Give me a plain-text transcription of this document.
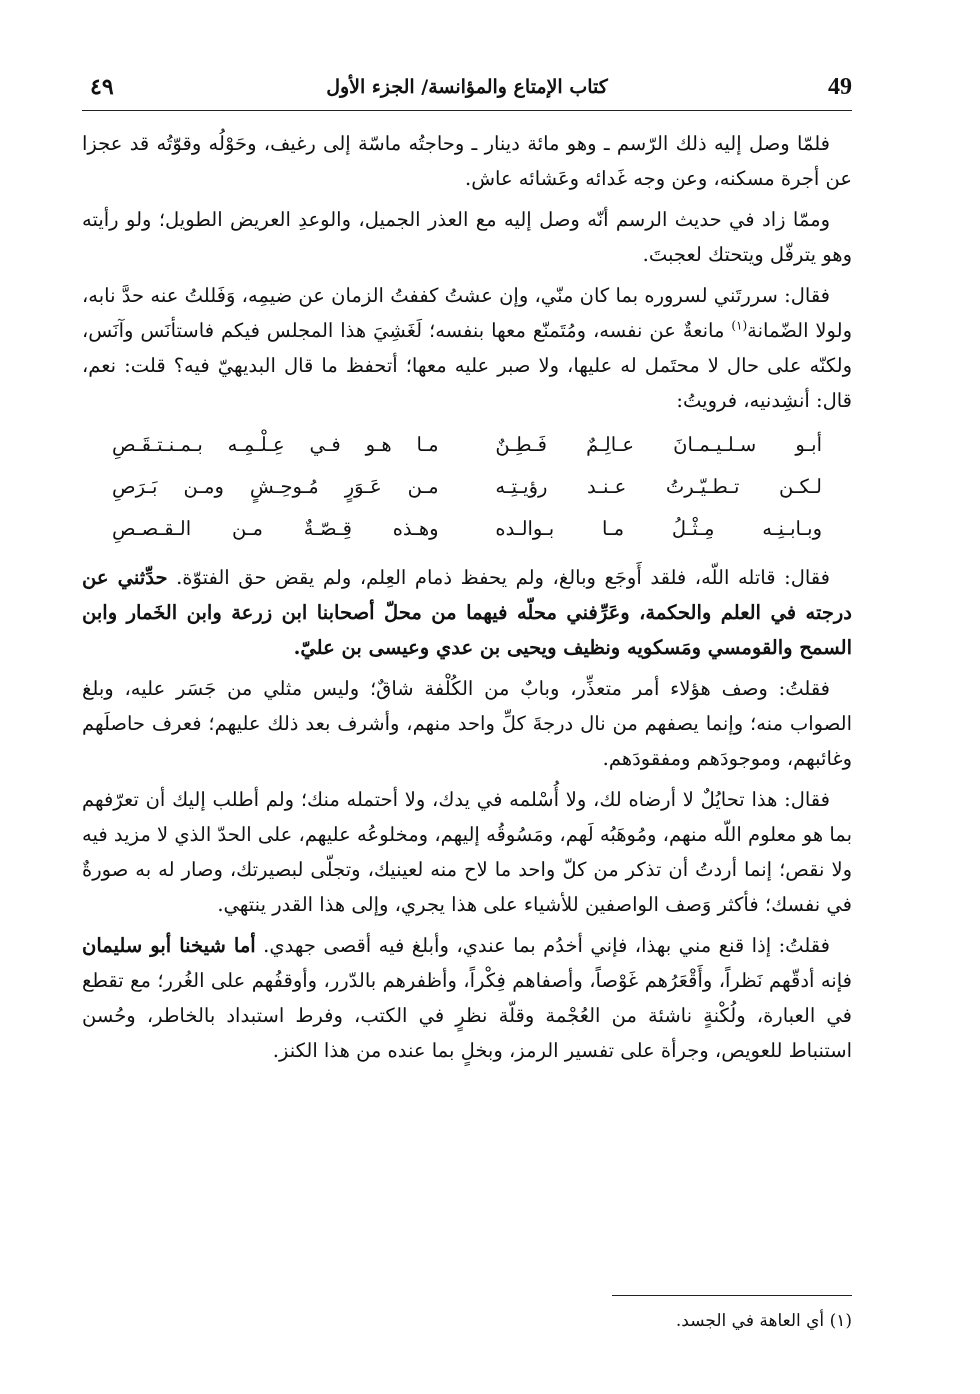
49
كتاب الإمتاع والمؤانسة/ الجزء الأول
٤٩

فلمّا وصل إليه ذلك الرّسم ـ وهو مائة دينار ـ وحاجتُه ماسّة إلى رغيف، وحَوْلُه وقوّتُه قد عجزا عن أجرة مسكنه، وعن وجه غَدائه وعَشائه عاش.

وممّا زاد في حديث الرسم أنّه وصل إليه مع العذر الجميل، والوعدِ العريض الطويل؛ ولو رأيته وهو يترفّل ويتحتك لعجبتَ.

فقال: سررتَني لسروره بما كان منّي، وإن عشتُ كففتُ الزمان عن ضيمِه، وَفَللتُ عنه حدَّ نابه، ولولا الضّمانة$^{(١)}$ مانعةٌ عن نفسه، ومُتَمنّع معها بنفسه؛ لَغَشِيَ هذا المجلس فيكم فاستأنَس وآنَس، ولكنّه على حال لا محتَمل له عليها، ولا صبر عليه معها؛ أتحفظ ما قال البديهيّ فيه؟ قلت: نعم، قال: أنشِدنيه، فرويتُ:

أبـو سـلـيـمـانَ عـالِـمٌ فَـطِـنٌ
مـا هـو فـي عِـلْـمِـه بـمـنـتـقَـصِ
لـكـن تـطـيّـرتُ عـنـد رؤيـتِـه
مـن عَـوَرٍ مُـوحِـشٍ ومـن بَـرَصِ
وبـابـنِـه مِـثْـلُ مـا بـوالـده
وهـذه قِـصّـةٌ مـن الـقـصـصِ

فقال: قاتله اللّه، فلقد أَوجَع وبالغ، ولم يحفظ ذمام العِلم، ولم يقض حق الفتوّة. حدِّثني عن درجته في العلم والحكمة، وعَرِّفني محلّه فيهما من محلّ أصحابنا ابن زرعة وابن الخَمار وابن السمح والقومسي ومَسكويه ونظيف ويحيى بن عدي وعيسى بن عليّ.

فقلتُ: وصف هؤلاء أمر متعذِّر، وبابٌ من الكُلْفة شاقٌ؛ وليس مثلي من جَسَر عليه، وبلغ الصواب منه؛ وإنما يصفهم من نال درجةَ كلِّ واحد منهم، وأشرف بعد ذلك عليهم؛ فعرف حاصلَهم وغائبهم، وموجودَهم ومفقودَهم.

فقال: هذا تحايُلٌ لا أرضاه لك، ولا أُسْلمه في يدك، ولا أحتمله منك؛ ولم أطلب إليك أن تعرّفهم بما هو معلوم اللّه منهم، ومُوهَبُه لَهم، ومَسُوقُه إليهم، ومخلوعُه عليهم، على الحدّ الذي لا مزيد فيه ولا نقص؛ إنما أردتُ أن تذكر من كلّ واحد ما لاح منه لعينيك، وتجلّى لبصيرتك، وصار له به صورةٌ في نفسك؛ فأكثر وَصف الواصفين للأشياء على هذا يجري، وإلى هذا القدر ينتهي.

فقلتُ: إذا قنع مني بهذا، فإني أخدُم بما عندي، وأبلغ فيه أقصى جهدي. أما شيخنا أبو سليمان فإنه أدقّهم نَظراً، وأَقْعَرُهم غَوْصاً، وأصفاهم فِكْراً، وأظفرهم بالدّرر، وأوقفُهم على الغُرر؛ مع تقطع في العبارة، ولُكْنةٍ ناشئة من العُجْمة وقلّة نظرٍ في الكتب، وفرط استبداد بالخاطر، وحُسن استنباط للعويص، وجرأة على تفسير الرمز، وبخلٍ بما عنده من هذا الكنز.

(١) أي العاهة في الجسد.
